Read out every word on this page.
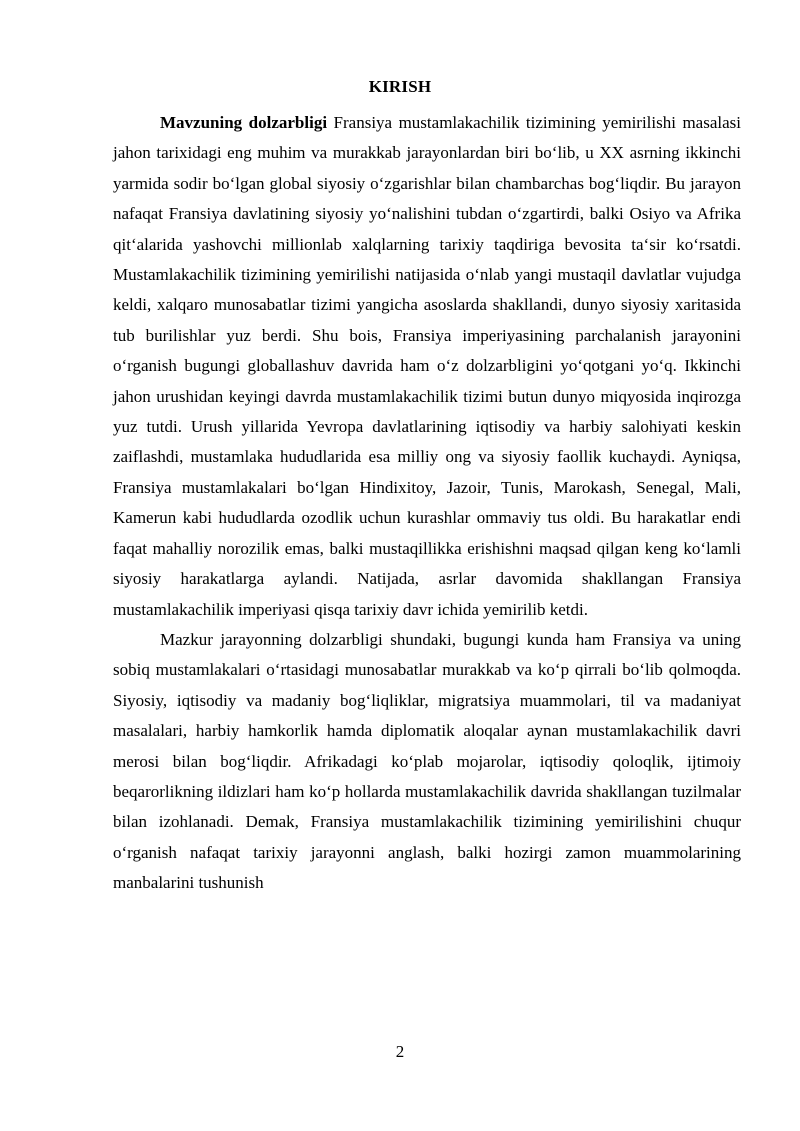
KIRISH

Mavzuning dolzarbligi Fransiya mustamlakachilik tizimining yemirilishi masalasi jahon tarixidagi eng muhim va murakkab jarayonlardan biri bo‘lib, u XX asrning ikkinchi yarmida sodir bo‘lgan global siyosiy o‘zgarishlar bilan chambarchas bog‘liqdir. Bu jarayon nafaqat Fransiya davlatining siyosiy yo‘nalishini tubdan o‘zgartirdi, balki Osiyo va Afrika qit‘alarida yashovchi millionlab xalqlarning tarixiy taqdiriga bevosita ta‘sir ko‘rsatdi. Mustamlakachilik tizimining yemirilishi natijasida o‘nlab yangi mustaqil davlatlar vujudga keldi, xalqaro munosabatlar tizimi yangicha asoslarda shakllandi, dunyo siyosiy xaritasida tub burilishlar yuz berdi. Shu bois, Fransiya imperiyasining parchalanish jarayonini o‘rganish bugungi globallashuv davrida ham o‘z dolzarbligini yo‘qotgani yo‘q. Ikkinchi jahon urushidan keyingi davrda mustamlakachilik tizimi butun dunyo miqyosida inqirozga yuz tutdi. Urush yillarida Yevropa davlatlarining iqtisodiy va harbiy salohiyati keskin zaiflashdi, mustamlaka hududlarida esa milliy ong va siyosiy faollik kuchaydi. Ayniqsa, Fransiya mustamlakalari bo‘lgan Hindixitoy, Jazoir, Tunis, Marokash, Senegal, Mali, Kamerun kabi hududlarda ozodlik uchun kurashlar ommaviy tus oldi. Bu harakatlar endi faqat mahalliy norozilik emas, balki mustaqillikka erishishni maqsad qilgan keng ko‘lamli siyosiy harakatlarga aylandi. Natijada, asrlar davomida shakllangan Fransiya mustamlakachilik imperiyasi qisqa tarixiy davr ichida yemirilib ketdi.

Mazkur jarayonning dolzarbligi shundaki, bugungi kunda ham Fransiya va uning sobiq mustamlakalari o‘rtasidagi munosabatlar murakkab va ko‘p qirrali bo‘lib qolmoqda. Siyosiy, iqtisodiy va madaniy bog‘liqliklar, migratsiya muammolari, til va madaniyat masalalari, harbiy hamkorlik hamda diplomatik aloqalar aynan mustamlakachilik davri merosi bilan bog‘liqdir. Afrikadagi ko‘plab mojarolar, iqtisodiy qoloqlik, ijtimoiy beqarorlikning ildizlari ham ko‘p hollarda mustamlakachilik davrida shakllangan tuzilmalar bilan izohlanadi. Demak, Fransiya mustamlakachilik tizimining yemirilishini chuqur o‘rganish nafaqat tarixiy jarayonni anglash, balki hozirgi zamon muammolarining manbalarini tushunish

2
